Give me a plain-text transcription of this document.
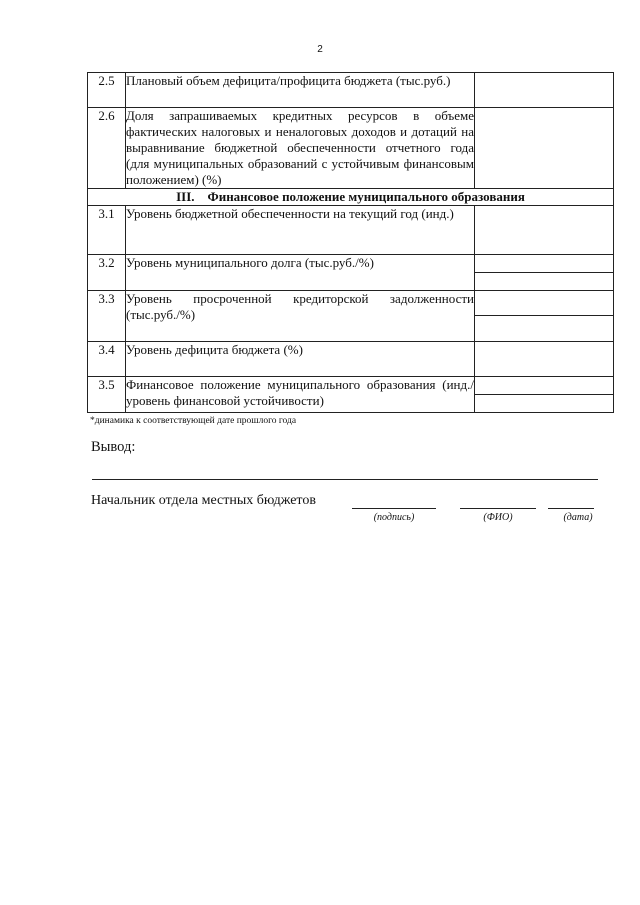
2
2.5	Плановый объем дефицита/профицита бюджета (тыс.руб.)	
2.6	Доля запрашиваемых кредитных ресурсов в объеме фактических налоговых и неналоговых доходов и дотаций на выравнивание бюджетной обеспеченности отчетного года (для муниципальных образований с устойчивым финансовым положением) (%)	
III.    Финансовое положение муниципального образования		
3.1	Уровень бюджетной обеспеченности на текущий год (инд.)	
3.2	Уровень муниципального долга (тыс.руб./%)	

3.3	Уровень просроченной кредиторской задолженности (тыс.руб./%)	

3.4	Уровень дефицита бюджета (%)	
3.5	Финансовое положение муниципального образования (инд./уровень финансовой устойчивости)	
*динамика к соответствующей дате прошлого года
Вывод:
Начальник отдела местных бюджетов
(подпись)	(ФИО)	(дата)
